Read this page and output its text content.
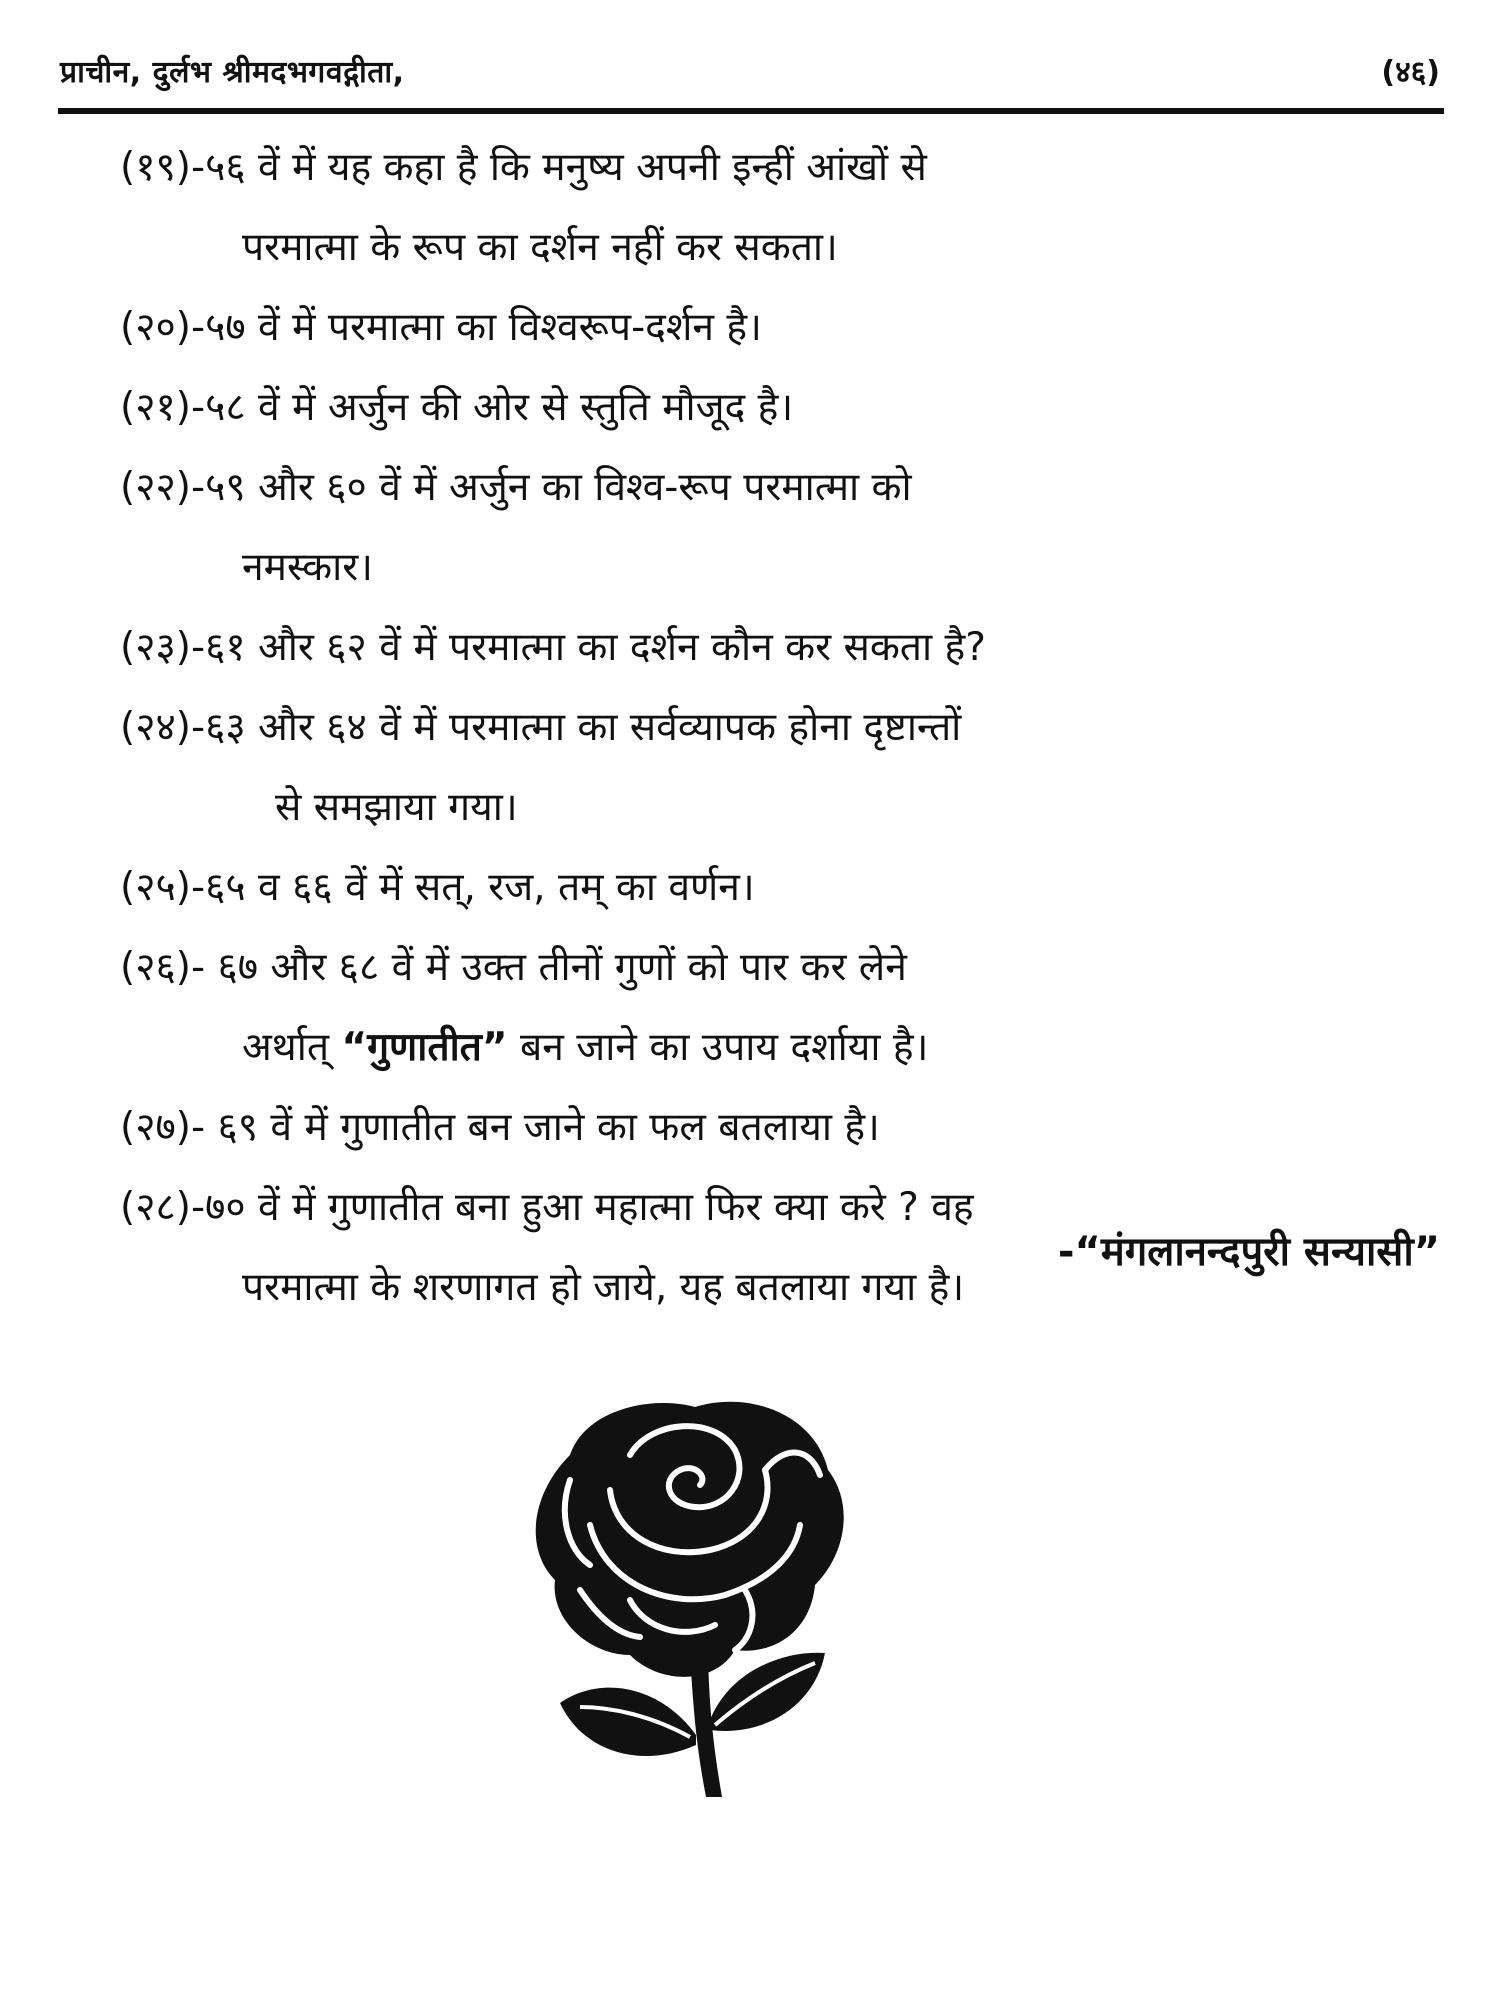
प्राचीन, दुर्लभ श्रीमदभगवद्गीता,	(४६)
(१९)-५६ वें में यह कहा है कि मनुष्य अपनी इन्हीं आंखों से
परमात्मा के रूप का दर्शन नहीं कर सकता।
(२०)-५७ वें में परमात्मा का विश्वरूप-दर्शन है।
(२१)-५८ वें में अर्जुन की ओर से स्तुति मौजूद है।
(२२)-५९ और ६० वें में अर्जुन का विश्व-रूप परमात्मा को
नमस्कार।
(२३)-६१ और ६२ वें में परमात्मा का दर्शन कौन कर सकता है?
(२४)-६३ और ६४ वें में परमात्मा का सर्वव्यापक होना दृष्टान्तों
से समझाया गया।
(२५)-६५ व ६६ वें में सत्, रज, तम् का वर्णन।
(२६)- ६७ और ६८ वें में उक्त तीनों गुणों को पार कर लेने
अर्थात् “गुणातीत” बन जाने का उपाय दर्शाया है।
(२७)- ६९ वें में गुणातीत बन जाने का फल बतलाया है।
(२८)-७० वें में गुणातीत बना हुआ महात्मा फिर क्या करे ? वह
परमात्मा के शरणागत हो जाये, यह बतलाया गया है।
-“मंगलानन्दपुरी सन्यासी”
